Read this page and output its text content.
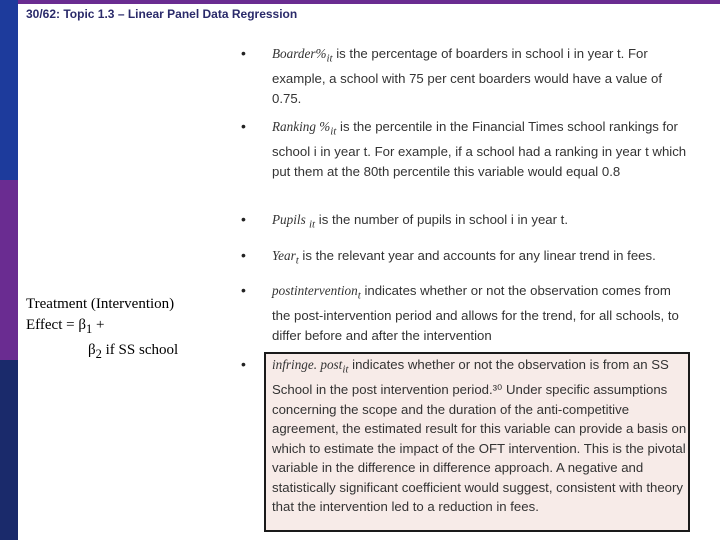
30/62: Topic 1.3 – Linear Panel Data Regression
Treatment (Intervention)
Effect = $\beta_1$ +
$\beta_2$ if SS school
• $Boarder\%_{it}$ is the percentage of boarders in school i in year t. For example, a school with 75 per cent boarders would have a value of 0.75.
• Ranking $\%_{it}$ is the percentile in the Financial Times school rankings for school i in year t. For example, if a school had a ranking in year t which put them at the 80th percentile this variable would equal 0.8
• Pupils $_{it}$ is the number of pupils in school i in year t.
• Year$_t$ is the relevant year and accounts for any linear trend in fees.
• postintervention$_t$ indicates whether or not the observation comes from the post-intervention period and allows for the trend, for all schools, to differ before and after the intervention
• infringe. post$_{it}$ indicates whether or not the observation is from an SS School in the post intervention period.³⁰ Under specific assumptions concerning the scope and the duration of the anti-competitive agreement, the estimated result for this variable can provide a basis on which to estimate the impact of the OFT intervention. This is the pivotal variable in the difference in difference approach. A negative and statistically significant coefficient would suggest, consistent with theory that the intervention led to a reduction in fees.
